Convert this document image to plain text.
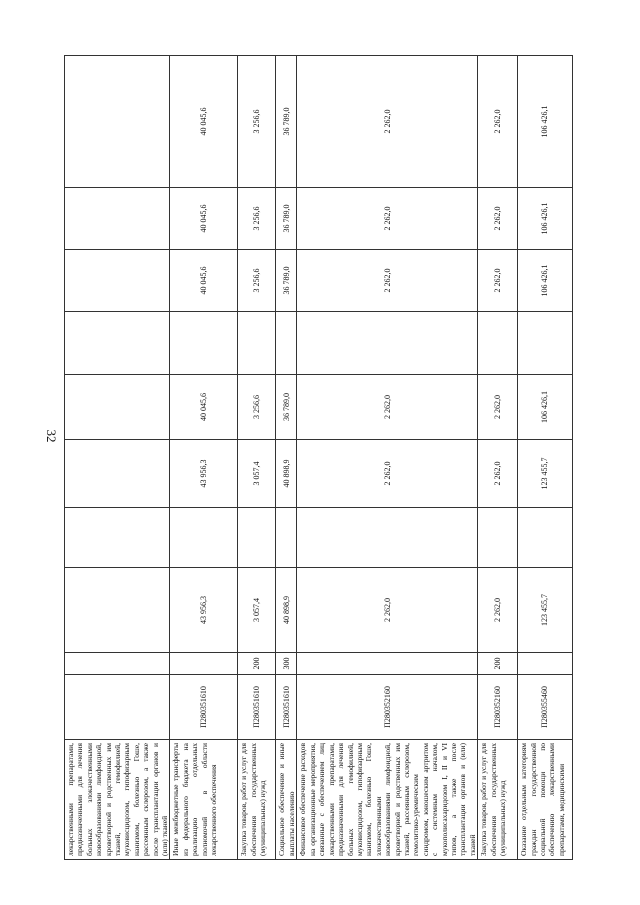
32
лекарственными препаратами, предназначенными для лечения больных злокачественными новообразованиями лимфоидной, кроветворной и родственных им тканей, гемофилией, муковисцидозом, гипофизарным нанизмом, болезнью Гоше, рассеянным склерозом, а также после трансплантации органов и (или) тканей										
Иные межбюджетные трансферты из федерального бюджета на реализацию отдельных полномочий в области лекарственного обеспечения	П280351610		43 956,3		43 956,3	40 045,6		40 045,6	40 045,6	40 045,6
Закупка товаров, работ и услуг для обеспечения государственных (муниципальных) нужд	П280351610	200	3 057,4		3 057,4	3 256,6		3 256,6	3 256,6	3 256,6
Социальное обеспечение и иные выплаты населению	П280351610	300	40 898,9		40 898,9	36 789,0		36 789,0	36 789,0	36 789,0
Финансовое обеспечение расходов на организационные мероприятия, связанные с обеспечением лиц лекарственными препаратами, предназначенными для лечения больных гемофилией, муковисцидозом, гипофизарным нанизмом, болезнью Гоше, злокачественными новообразованиями лимфоидной, кроветворной и родственных им тканей, рассеянным склерозом, гемолитико-уремическим синдромом, юношеским артритом с системным началом, мукополисахаридозом I, II и VI типов, а также после трансплантации органов и (или) тканей	П280352160		2 262,0		2 262,0	2 262,0		2 262,0	2 262,0	2 262,0
Закупка товаров, работ и услуг для обеспечения государственных (муниципальных) нужд	П280352160	200	2 262,0		2 262,0	2 262,0		2 262,0	2 262,0	2 262,0
Оказание отдельным категориям граждан государственной социальной помощи по обеспечению лекарственными препаратами, медицинскими	П280355460		123 455,7		123 455,7	106 426,1		106 426,1	106 426,1	106 426,1
